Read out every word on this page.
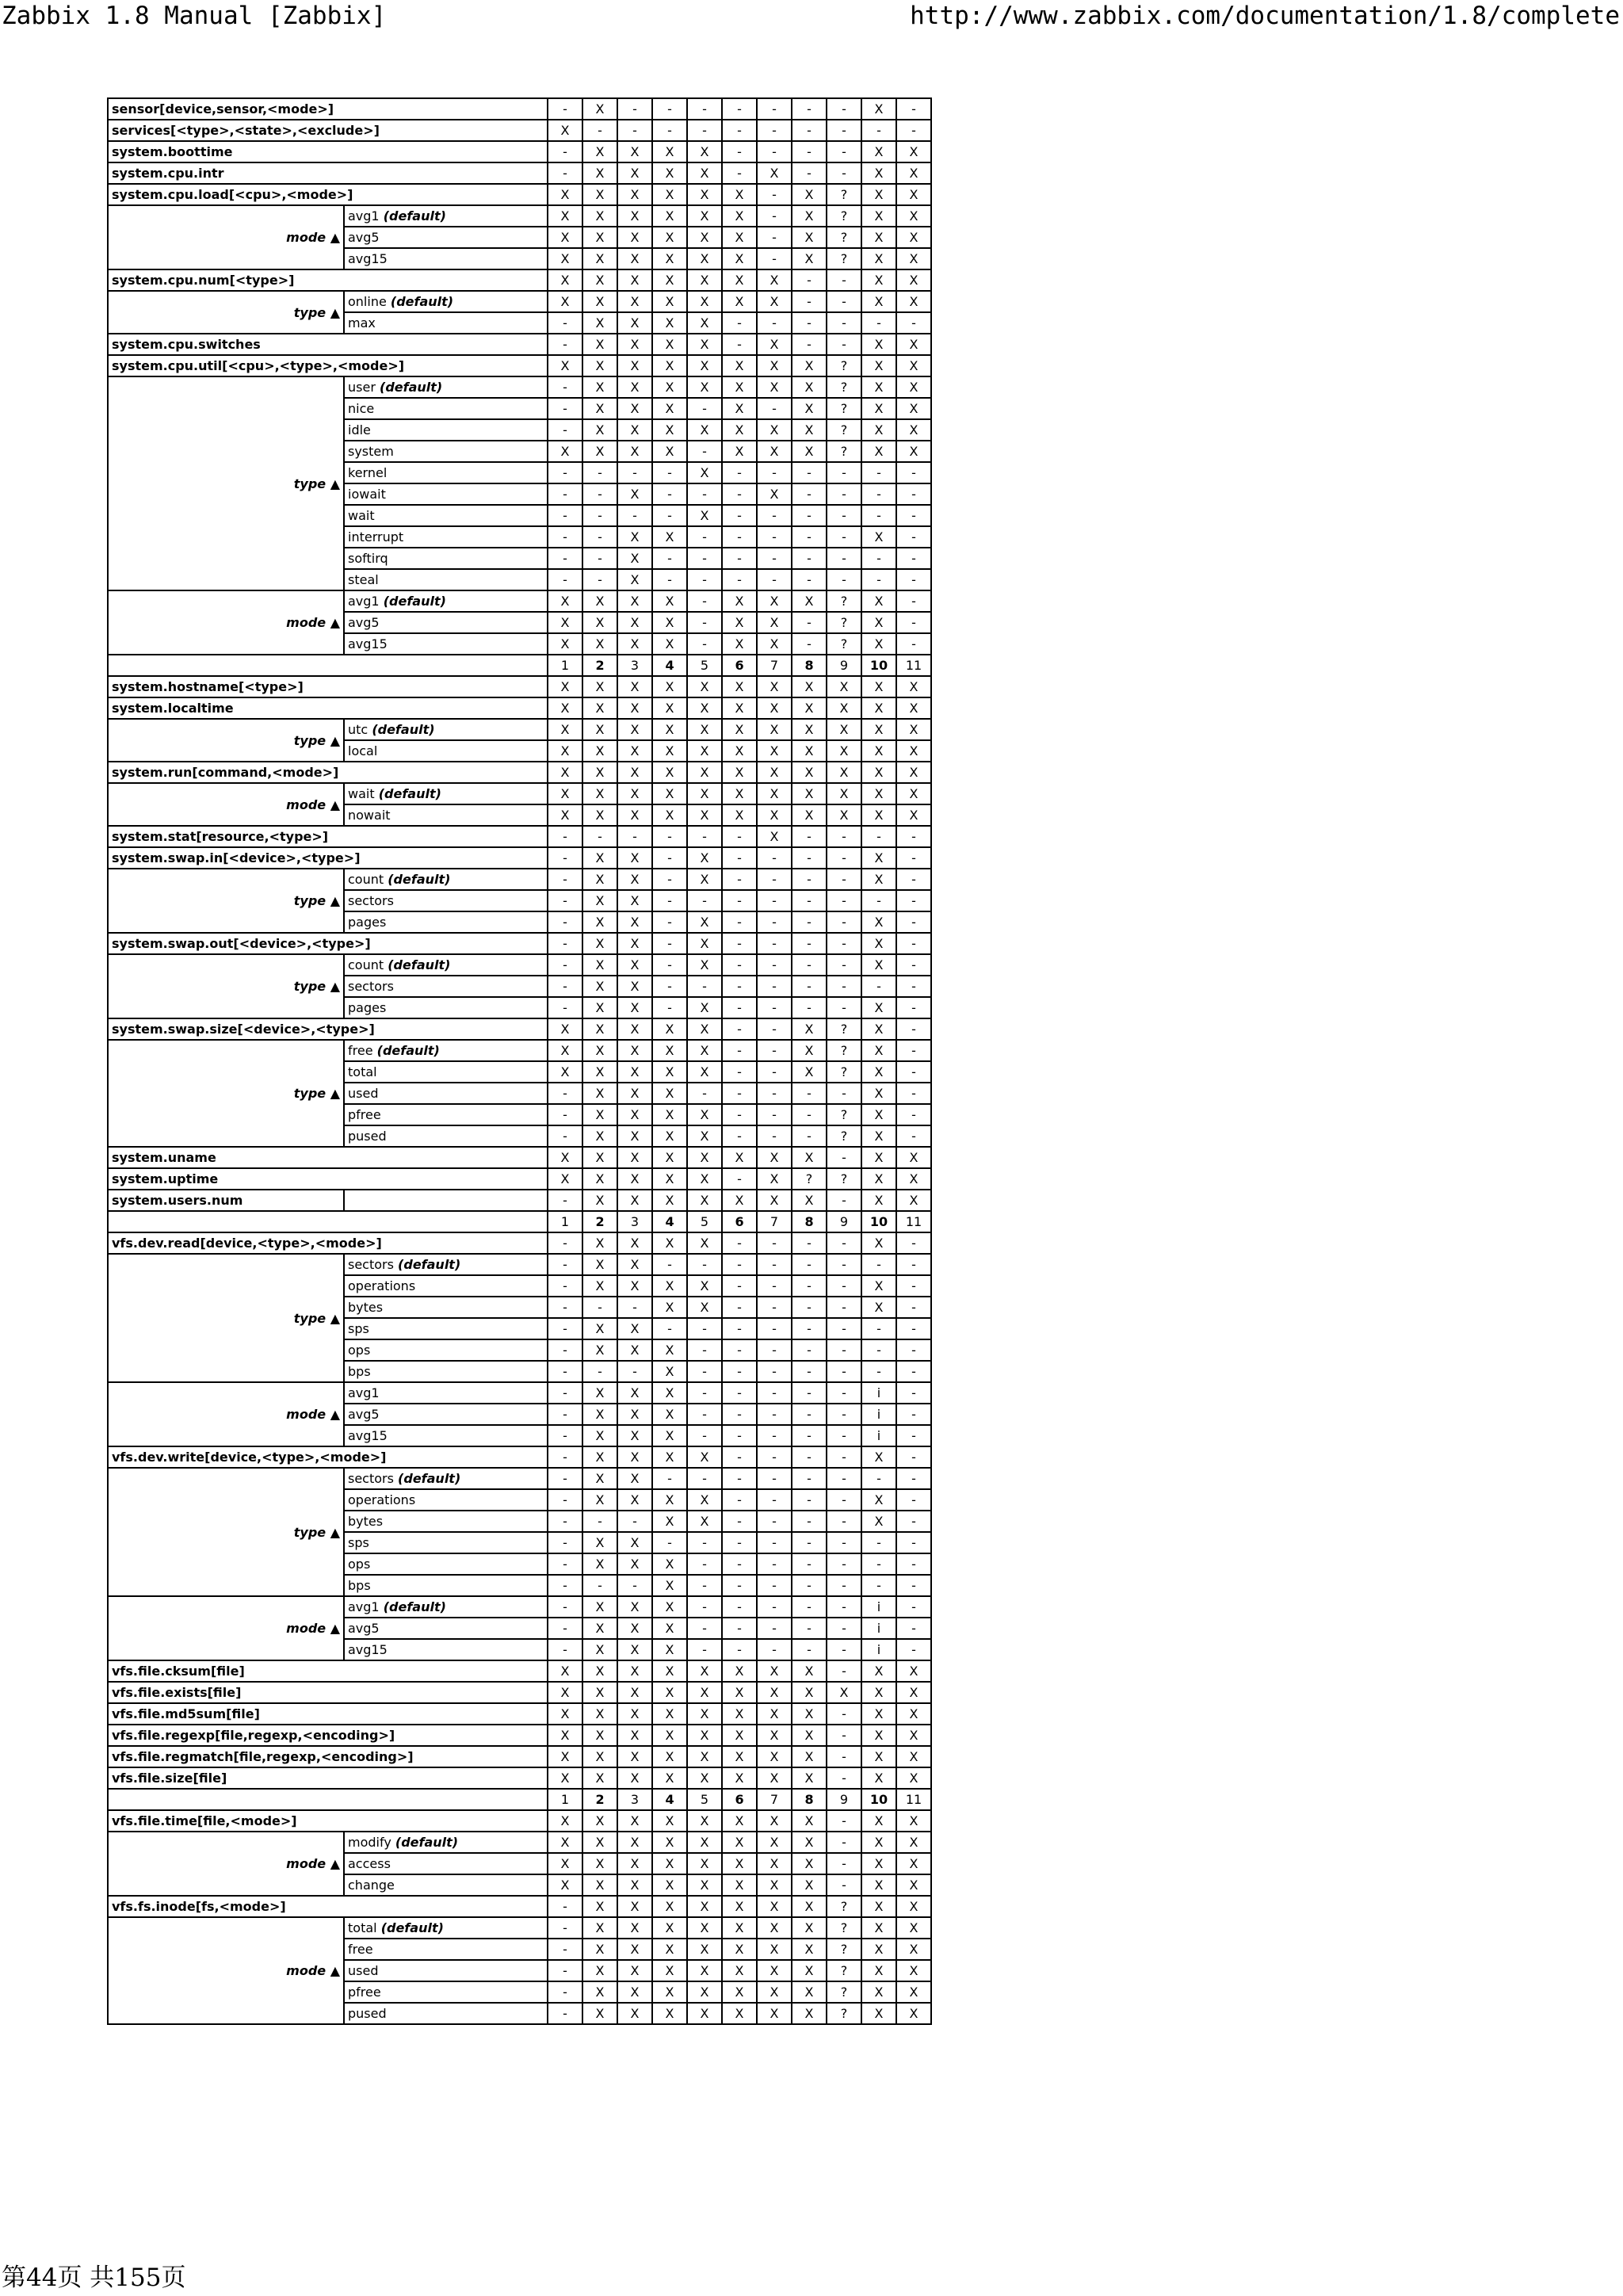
Zabbix 1.8 Manual [Zabbix]	http://www.zabbix.com/documentation/1.8/complete
sensor[device,sensor,<mode>]		-	X	-	-	-	-	-	-	-	X	-
services[<type>,<state>,<exclude>]		X	-	-	-	-	-	-	-	-	-	-
system.boottime		-	X	X	X	X	-	-	-	-	X	X
system.cpu.intr		-	X	X	X	X	-	X	-	-	X	X
system.cpu.load[<cpu>,<mode>]		X	X	X	X	X	X	-	X	?	X	X
mode ▲	avg1 (default)	X	X	X	X	X	X	-	X	?	X	X
	avg5	X	X	X	X	X	X	-	X	?	X	X
	avg15	X	X	X	X	X	X	-	X	?	X	X
system.cpu.num[<type>]		X	X	X	X	X	X	X	-	-	X	X
type ▲	online (default)	X	X	X	X	X	X	X	-	-	X	X
	max	-	X	X	X	X	-	-	-	-	-	-
system.cpu.switches		-	X	X	X	X	-	X	-	-	X	X
system.cpu.util[<cpu>,<type>,<mode>]		X	X	X	X	X	X	X	X	?	X	X
type ▲	user (default)	-	X	X	X	X	X	X	X	?	X	X
	nice	-	X	X	X	-	X	-	X	?	X	X
	idle	-	X	X	X	X	X	X	X	?	X	X
	system	X	X	X	X	-	X	X	X	?	X	X
	kernel	-	-	-	-	X	-	-	-	-	-	-
	iowait	-	-	X	-	-	-	X	-	-	-	-
	wait	-	-	-	-	X	-	-	-	-	-	-
	interrupt	-	-	X	X	-	-	-	-	-	X	-
	softirq	-	-	X	-	-	-	-	-	-	-	-
	steal	-	-	X	-	-	-	-	-	-	-	-
mode ▲	avg1 (default)	X	X	X	X	-	X	X	X	?	X	-
	avg5	X	X	X	X	-	X	X	-	?	X	-
	avg15	X	X	X	X	-	X	X	-	?	X	-
		1	2	3	4	5	6	7	8	9	10	11
system.hostname[<type>]		X	X	X	X	X	X	X	X	X	X	X
system.localtime		X	X	X	X	X	X	X	X	X	X	X
type ▲	utc (default)	X	X	X	X	X	X	X	X	X	X	X
	local	X	X	X	X	X	X	X	X	X	X	X
system.run[command,<mode>]		X	X	X	X	X	X	X	X	X	X	X
mode ▲	wait (default)	X	X	X	X	X	X	X	X	X	X	X
	nowait	X	X	X	X	X	X	X	X	X	X	X
system.stat[resource,<type>]		-	-	-	-	-	-	X	-	-	-	-
system.swap.in[<device>,<type>]		-	X	X	-	X	-	-	-	-	X	-
type ▲	count (default)	-	X	X	-	X	-	-	-	-	X	-
	sectors	-	X	X	-	-	-	-	-	-	-	-
	pages	-	X	X	-	X	-	-	-	-	X	-
system.swap.out[<device>,<type>]		-	X	X	-	X	-	-	-	-	X	-
type ▲	count (default)	-	X	X	-	X	-	-	-	-	X	-
	sectors	-	X	X	-	-	-	-	-	-	-	-
	pages	-	X	X	-	X	-	-	-	-	X	-
system.swap.size[<device>,<type>]		X	X	X	X	X	-	-	X	?	X	-
type ▲	free (default)	X	X	X	X	X	-	-	X	?	X	-
	total	X	X	X	X	X	-	-	X	?	X	-
	used	-	X	X	X	-	-	-	-	-	X	-
	pfree	-	X	X	X	X	-	-	-	?	X	-
	pused	-	X	X	X	X	-	-	-	?	X	-
system.uname		X	X	X	X	X	X	X	X	-	X	X
system.uptime		X	X	X	X	X	-	X	?	?	X	X
system.users.num		-	X	X	X	X	X	X	X	-	X	X
		1	2	3	4	5	6	7	8	9	10	11
vfs.dev.read[device,<type>,<mode>]		-	X	X	X	X	-	-	-	-	X	-
type ▲	sectors (default)	-	X	X	-	-	-	-	-	-	-	-
	operations	-	X	X	X	X	-	-	-	-	X	-
	bytes	-	-	-	X	X	-	-	-	-	X	-
	sps	-	X	X	-	-	-	-	-	-	-	-
	ops	-	X	X	X	-	-	-	-	-	-	-
	bps	-	-	-	X	-	-	-	-	-	-	-
mode ▲	avg1	-	X	X	X	-	-	-	-	-	i	-
	avg5	-	X	X	X	-	-	-	-	-	i	-
	avg15	-	X	X	X	-	-	-	-	-	i	-
vfs.dev.write[device,<type>,<mode>]		-	X	X	X	X	-	-	-	-	X	-
type ▲	sectors (default)	-	X	X	-	-	-	-	-	-	-	-
	operations	-	X	X	X	X	-	-	-	-	X	-
	bytes	-	-	-	X	X	-	-	-	-	X	-
	sps	-	X	X	-	-	-	-	-	-	-	-
	ops	-	X	X	X	-	-	-	-	-	-	-
	bps	-	-	-	X	-	-	-	-	-	-	-
mode ▲	avg1 (default)	-	X	X	X	-	-	-	-	-	i	-
	avg5	-	X	X	X	-	-	-	-	-	i	-
	avg15	-	X	X	X	-	-	-	-	-	i	-
vfs.file.cksum[file]		X	X	X	X	X	X	X	X	-	X	X
vfs.file.exists[file]		X	X	X	X	X	X	X	X	X	X	X
vfs.file.md5sum[file]		X	X	X	X	X	X	X	X	-	X	X
vfs.file.regexp[file,regexp,<encoding>]		X	X	X	X	X	X	X	X	-	X	X
vfs.file.regmatch[file,regexp,<encoding>]		X	X	X	X	X	X	X	X	-	X	X
vfs.file.size[file]		X	X	X	X	X	X	X	X	-	X	X
		1	2	3	4	5	6	7	8	9	10	11
vfs.file.time[file,<mode>]		X	X	X	X	X	X	X	X	-	X	X
mode ▲	modify (default)	X	X	X	X	X	X	X	X	-	X	X
	access	X	X	X	X	X	X	X	X	-	X	X
	change	X	X	X	X	X	X	X	X	-	X	X
vfs.fs.inode[fs,<mode>]		-	X	X	X	X	X	X	X	?	X	X
mode ▲	total (default)	-	X	X	X	X	X	X	X	?	X	X
	free	-	X	X	X	X	X	X	X	?	X	X
	used	-	X	X	X	X	X	X	X	?	X	X
	pfree	-	X	X	X	X	X	X	X	?	X	X
	pused	-	X	X	X	X	X	X	X	?	X	X
第44页 共155页
